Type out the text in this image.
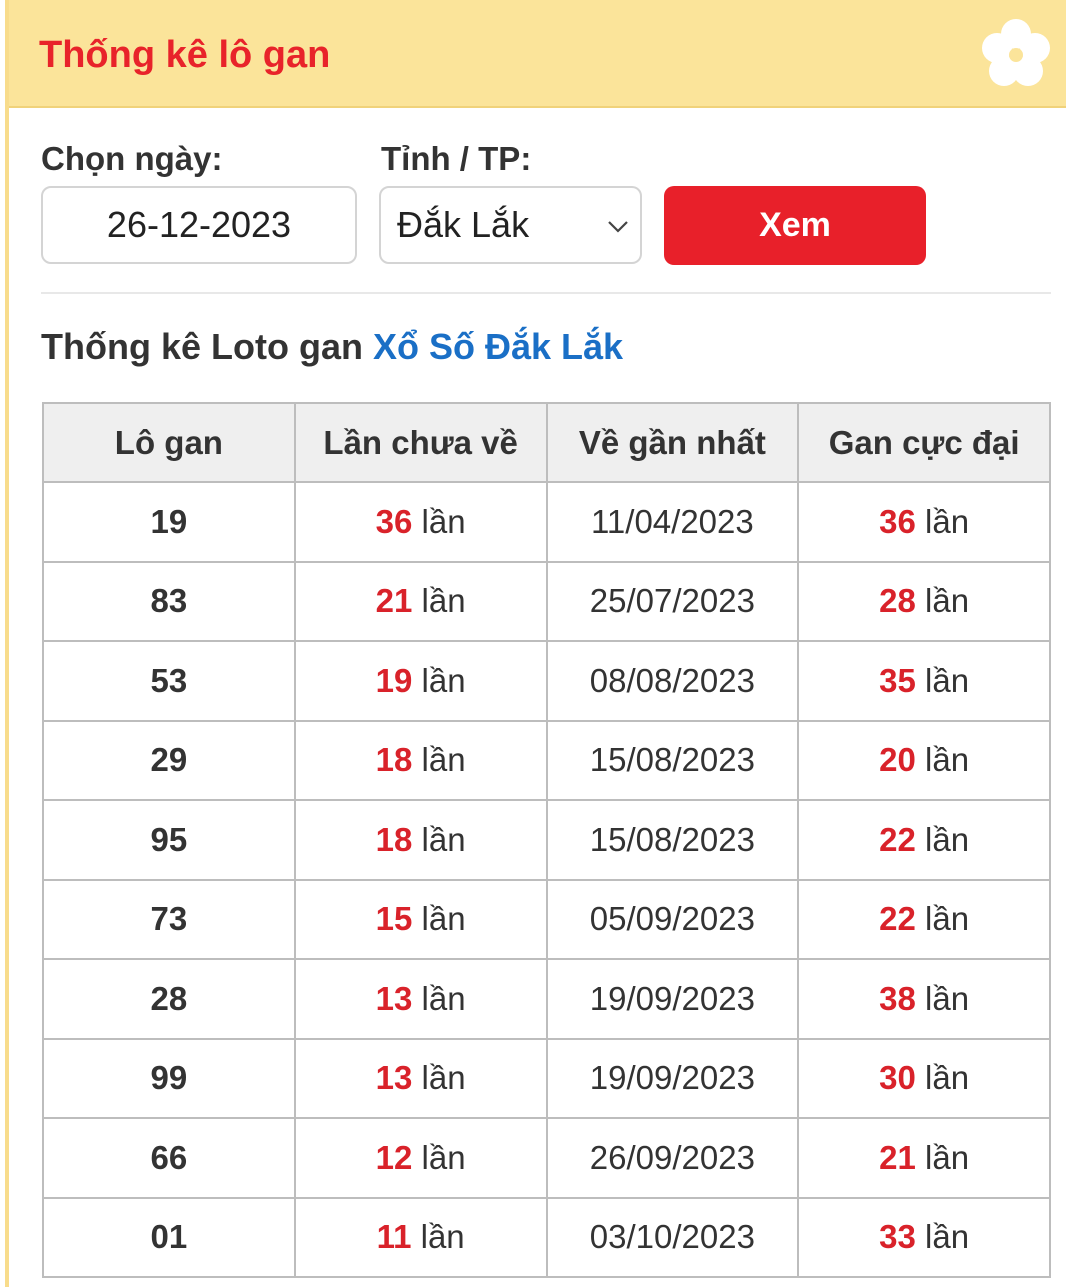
Thống kê lô gan
Chọn ngày:	Tỉnh / TP:
26-12-2023	Đắk Lắk	Xem
Thống kê Loto gan Xổ Số Đắk Lắk
Lô gan	Lần chưa về	Về gần nhất	Gan cực đại
19	36 lần	11/04/2023	36 lần
83	21 lần	25/07/2023	28 lần
53	19 lần	08/08/2023	35 lần
29	18 lần	15/08/2023	20 lần
95	18 lần	15/08/2023	22 lần
73	15 lần	05/09/2023	22 lần
28	13 lần	19/09/2023	38 lần
99	13 lần	19/09/2023	30 lần
66	12 lần	26/09/2023	21 lần
01	11 lần	03/10/2023	33 lần
